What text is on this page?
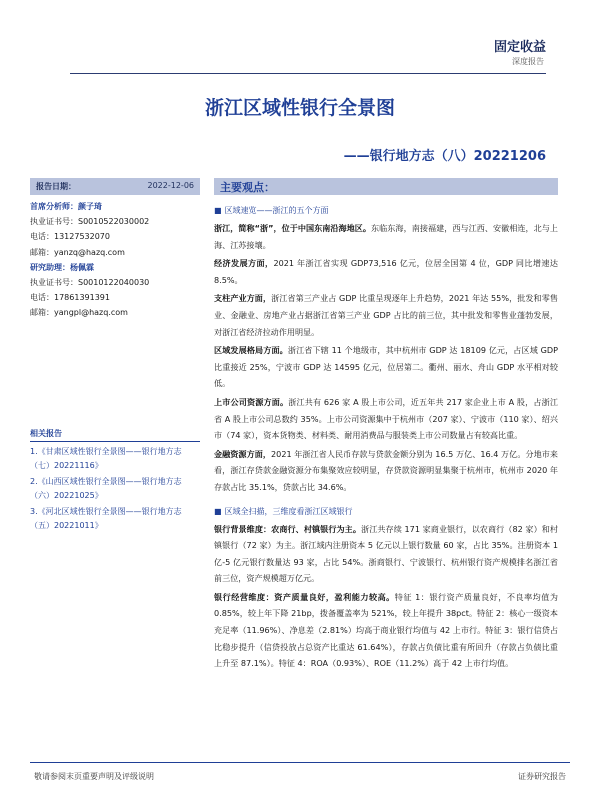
固定收益
深度报告
浙江区域性银行全景图
——银行地方志（八）20221206
报告日期：	2022-12-06
首席分析师：颜子琦
执业证书号：S0010522030002
电话：13127532070
邮箱：yanzq@hazq.com
研究助理：杨佩霖
执业证书号：S0010122040030
电话：17861391391
邮箱：yangpl@hazq.com
相关报告
1.《甘肃区域性银行全景图——银行地方志（七）20221116》
2.《山西区域性银行全景图——银行地方志（六）20221025》
3.《河北区域性银行全景图——银行地方志（五）20221011》
主要观点：
■ 区域速览——浙江的五个方面

浙江，简称“浙”，位于中国东南沿海地区。东临东海，南接福建，西与江西、安徽相连，北与上海、江苏接壤。

经济发展方面，2021 年浙江省实现 GDP73,516 亿元，位居全国第 4 位，GDP 同比增速达 8.5%。

支柱产业方面，浙江省第三产业占 GDP 比重呈现逐年上升趋势，2021 年达 55%，批发和零售业、金融业、房地产业占据浙江省第三产业 GDP 占比的前三位，其中批发和零售业蓬勃发展，对浙江省经济拉动作用明显。

区域发展格局方面。浙江省下辖 11 个地级市，其中杭州市 GDP 达 18109 亿元，占区域 GDP 比重接近 25%，宁波市 GDP 达 14595 亿元，位居第二。衢州、丽水、舟山 GDP 水平相对较低。

上市公司资源方面。浙江共有 626 家 A 股上市公司，近五年共 217 家企业上市 A 股，占浙江省 A 股上市公司总数约 35%。上市公司资源集中于杭州市（207 家）、宁波市（110 家）、绍兴市（74 家），资本货物类、材料类、耐用消费品与服装类上市公司数量占有较高比重。

金融资源方面，2021 年浙江省人民币存款与贷款金额分别为 16.5 万亿、16.4 万亿。分地市来看，浙江存贷款金融资源分布集聚效应较明显，存贷款资源明显集聚于杭州市，杭州市 2020 年存款占比 35.1%，贷款占比 34.6%。

■ 区域全扫描，三维度看浙江区域银行

银行背景维度：农商行、村镇银行为主。浙江共存续 171 家商业银行，以农商行（82 家）和村镇银行（72 家）为主。浙江域内注册资本 5 亿元以上银行数量 60 家，占比 35%。注册资本 1 亿-5 亿元银行数量达 93 家，占比 54%。浙商银行、宁波银行、杭州银行资产规模排名浙江省前三位，资产规模超万亿元。

银行经营维度：资产质量良好，盈利能力较高。特征 1：银行资产质量良好，不良率均值为 0.85%，较上年下降 21bp，拨备覆盖率为 521%，较上年提升 38pct。特征 2：核心一级资本充足率（11.96%）、净息差（2.81%）均高于商业银行均值与 42 上市行。特征 3：银行信贷占比稳步提升（信贷投放占总资产比重达 61.64%），存款占负债比重有所回升（存款占负债比重上升至 87.1%）。特征 4：ROA（0.93%）、ROE（11.2%）高于 42 上市行均值。

敬请参阅末页重要声明及评级说明	证券研究报告
